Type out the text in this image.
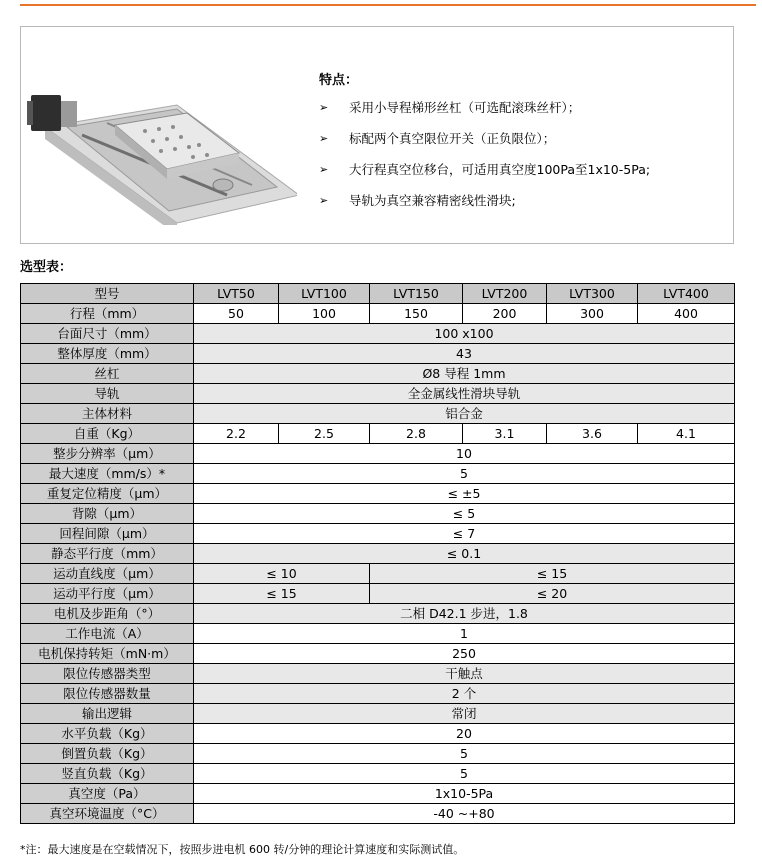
特点：
➢	采用小导程梯形丝杠（可选配滚珠丝杆）；
➢	标配两个真空限位开关（正负限位）；
➢	大行程真空位移台，可适用真空度100Pa至1x10-5Pa;
➢	导轨为真空兼容精密线性滑块;
选型表：
型号	LVT50	LVT100	LVT150	LVT200	LVT300	LVT400
行程（mm）	50	100	150	200	300	400
台面尺寸（mm）	100 x100					
整体厚度（mm）	43					
丝杠	Ø8 导程 1mm					
导轨	全金属线性滑块导轨					
主体材料	铝合金					
自重（Kg）	2.2	2.5	2.8	3.1	3.6	4.1
整步分辨率（μm）	10					
最大速度（mm/s）*	5					
重复定位精度（μm）	≤ ±5					
背隙（μm）	≤ 5					
回程间隙（μm）	≤ 7					
静态平行度（mm）	≤ 0.1					
运动直线度（μm）	≤ 10		≤ 15			
运动平行度（μm）	≤ 15		≤ 20			
电机及步距角（°）	二相 D42.1 步进，1.8					
工作电流（A）	1					
电机保持转矩（mN·m）	250					
限位传感器类型	干触点					
限位传感器数量	2 个					
输出逻辑	常闭					
水平负载（Kg）	20					
倒置负载（Kg）	5					
竖直负载（Kg）	5					
真空度（Pa）	1x10-5Pa					
真空环境温度（°C）	-40 ~+80					
*注：最大速度是在空载情况下，按照步进电机 600 转/分钟的理论计算速度和实际测试值。
